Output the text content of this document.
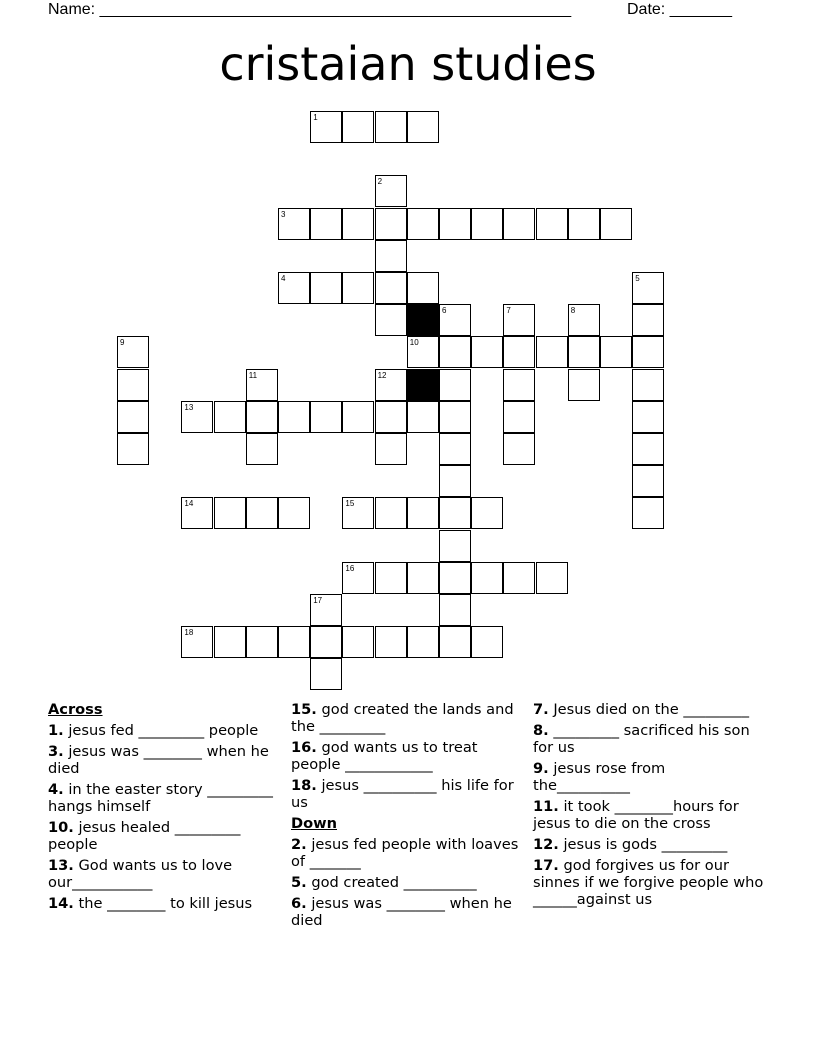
Name: _____________________________________________________	Date: _______
cristaian studies
1
2
3
4	5
6	7	8
9	10
11	12
13
14	15
16
17
18
Across
1. jesus fed _________ people
3. jesus was ________ when he died
4. in the easter story _________ hangs himself
10. jesus healed _________ people
13. God wants us to love our___________
14. the ________ to kill jesus
15. god created the lands and the _________
16. god wants us to treat people ____________
18. jesus __________ his life for us
Down
2. jesus fed people with loaves of _______
5. god created __________
6. jesus was ________ when he died
7. Jesus died on the _________
8. _________ sacrificed his son for us
9. jesus rose from the__________
11. it took ________hours for jesus to die on the cross
12. jesus is gods _________
17. god forgives us for our sinnes if we forgive people who ______against us
